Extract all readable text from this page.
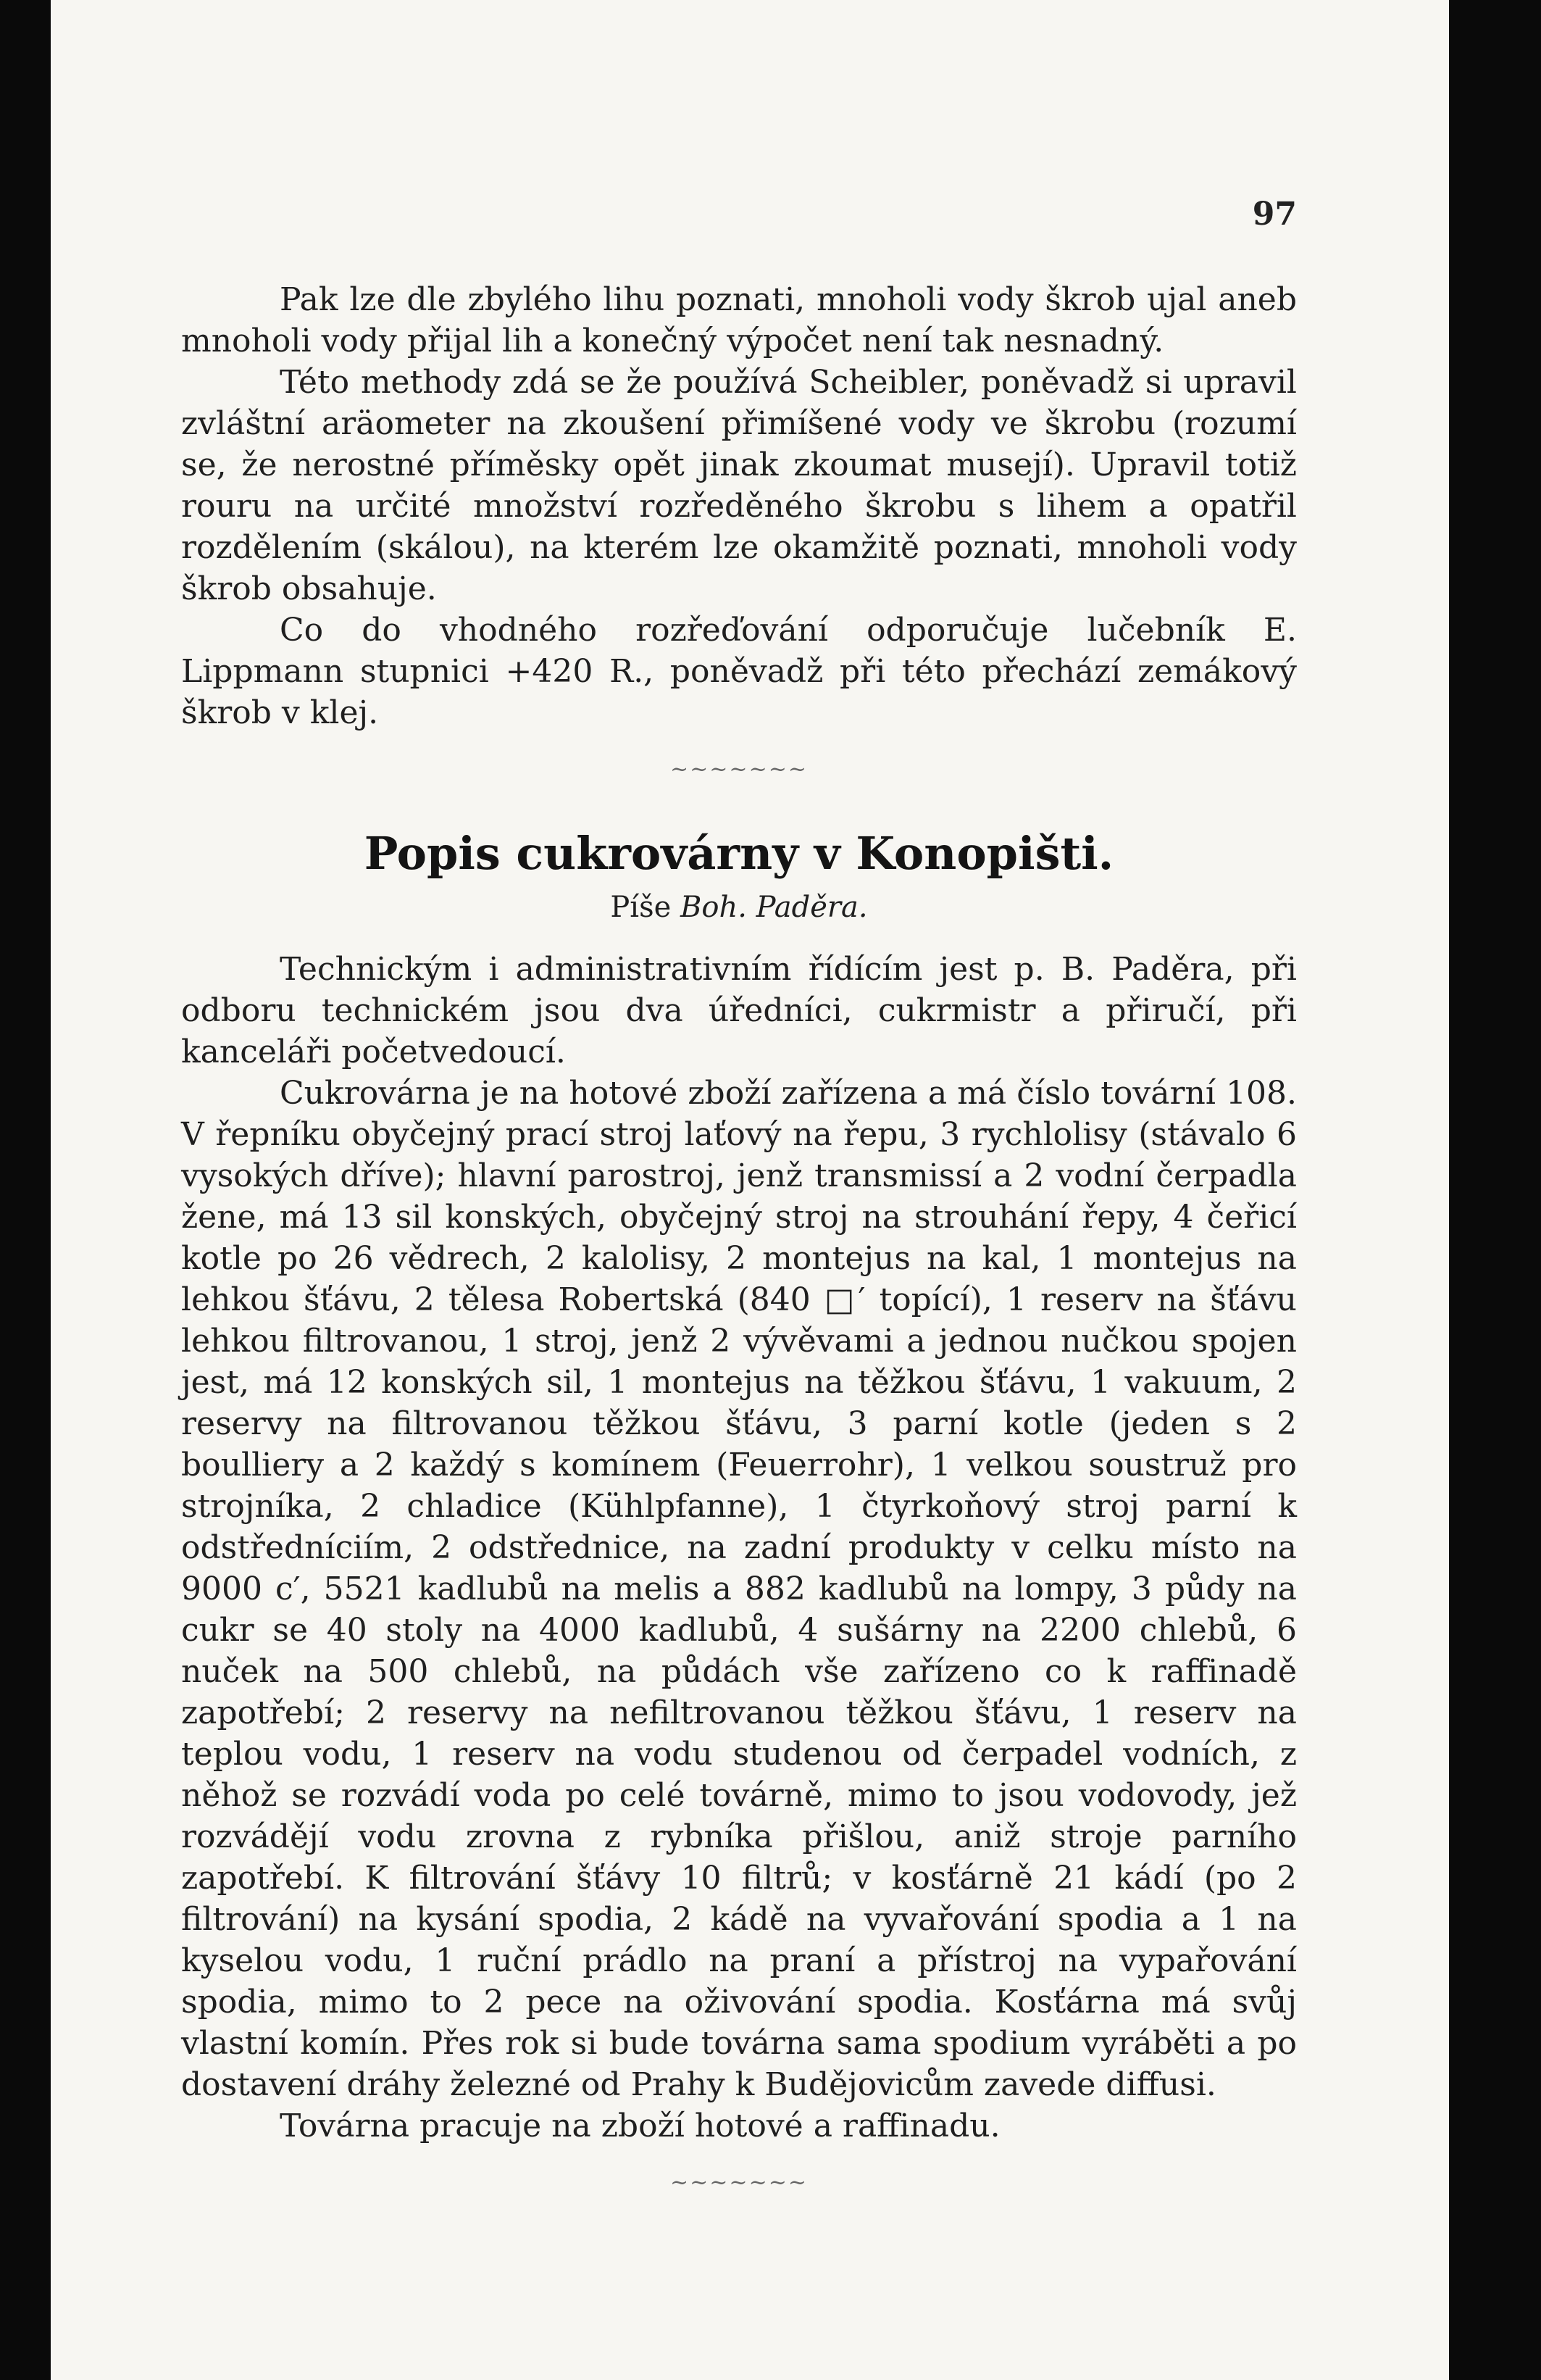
97

Pak lze dle zbylého lihu poznati, mnoholi vody škrob ujal aneb mnoholi vody přijal lih a konečný výpočet není tak nesnadný.

Této methody zdá se že používá Scheibler, poněvadž si upravil zvláštní aräometer na zkoušení přimíšené vody ve škrobu (rozumí se, že nerostné příměsky opět jinak zkoumat musejí). Upravil totiž rouru na určité množství rozředěného škrobu s lihem a opatřil rozdělením (skálou), na kterém lze okamžitě poznati, mnoholi vody škrob obsahuje.

Co do vhodného rozřeďování odporučuje lučebník E. Lippmann stupnici +420 R., poněvadž při této přechází zemákový škrob v klej.

~~~~~~~
Popis cukrovárny v Konopišti.
Píše Boh. Paděra.

Technickým i administrativním řídícím jest p. B. Paděra, při odboru technickém jsou dva úředníci, cukrmistr a přiručí, při kanceláři početvedoucí.

Cukrovárna je na hotové zboží zařízena a má číslo tovární 108. V řepníku obyčejný prací stroj laťový na řepu, 3 rychlolisy (stávalo 6 vysokých dříve); hlavní parostroj, jenž transmissí a 2 vodní čerpadla žene, má 13 sil konských, obyčejný stroj na strouhání řepy, 4 čeřicí kotle po 26 vědrech, 2 kalolisy, 2 montejus na kal, 1 montejus na lehkou šťávu, 2 tělesa Robertská (840 □′ topící), 1 reserv na šťávu lehkou filtrovanou, 1 stroj, jenž 2 vývěvami a jednou nučkou spojen jest, má 12 konských sil, 1 montejus na těžkou šťávu, 1 vakuum, 2 reservy na filtrovanou těžkou šťávu, 3 parní kotle (jeden s 2 boulliery a 2 každý s komínem (Feuerrohr), 1 velkou soustruž pro strojníka, 2 chladice (Kühlpfanne), 1 čtyrkoňový stroj parní k odstředníciím, 2 odstřednice, na zadní produkty v celku místo na 9000 c′, 5521 kadlubů na melis a 882 kadlubů na lompy, 3 půdy na cukr se 40 stoly na 4000 kadlubů, 4 sušárny na 2200 chlebů, 6 nuček na 500 chlebů, na půdách vše zařízeno co k raffinadě zapotřebí; 2 reservy na nefiltrovanou těžkou šťávu, 1 reserv na teplou vodu, 1 reserv na vodu studenou od čerpadel vodních, z něhož se rozvádí voda po celé továrně, mimo to jsou vodovody, jež rozvádějí vodu zrovna z rybníka přišlou, aniž stroje parního zapotřebí. K filtrování šťávy 10 filtrů; v kosťárně 21 kádí (po 2 filtrování) na kysání spodia, 2 kádě na vyvařování spodia a 1 na kyselou vodu, 1 ruční prádlo na praní a přístroj na vypařování spodia, mimo to 2 pece na oživování spodia. Kosťárna má svůj vlastní komín. Přes rok si bude továrna sama spodium vyráběti a po dostavení dráhy železné od Prahy k Budějovicům zavede diffusi.

Továrna pracuje na zboží hotové a raffinadu.

~~~~~~~
